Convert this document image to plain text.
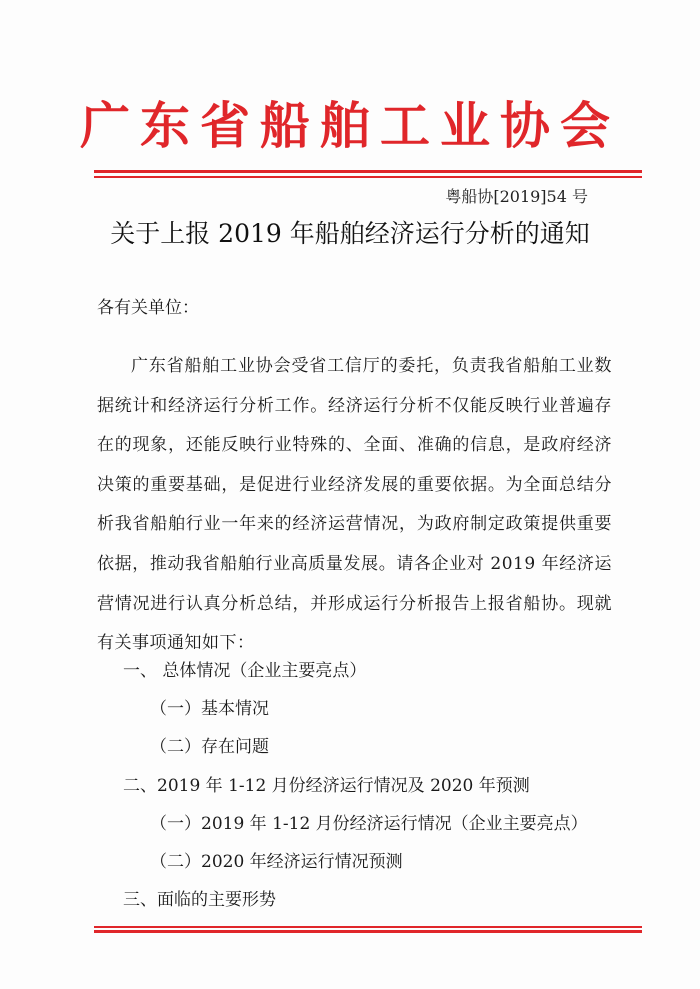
广东省船舶工业协会
粤船协[2019]54 号
关于上报 2019 年船舶经济运行分析的通知
各有关单位：
广东省船舶工业协会受省工信厅的委托，负责我省船舶工业数据统计和经济运行分析工作。经济运行分析不仅能反映行业普遍存在的现象，还能反映行业特殊的、全面、准确的信息，是政府经济决策的重要基础，是促进行业经济发展的重要依据。为全面总结分析我省船舶行业一年来的经济运营情况，为政府制定政策提供重要依据，推动我省船舶行业高质量发展。请各企业对 2019 年经济运营情况进行认真分析总结，并形成运行分析报告上报省船协。现就有关事项通知如下：
一、 总体情况（企业主要亮点）
（一）基本情况
（二）存在问题
二、2019 年 1-12 月份经济运行情况及 2020 年预测
（一）2019 年 1-12 月份经济运行情况（企业主要亮点）
（二）2020 年经济运行情况预测
三、面临的主要形势
